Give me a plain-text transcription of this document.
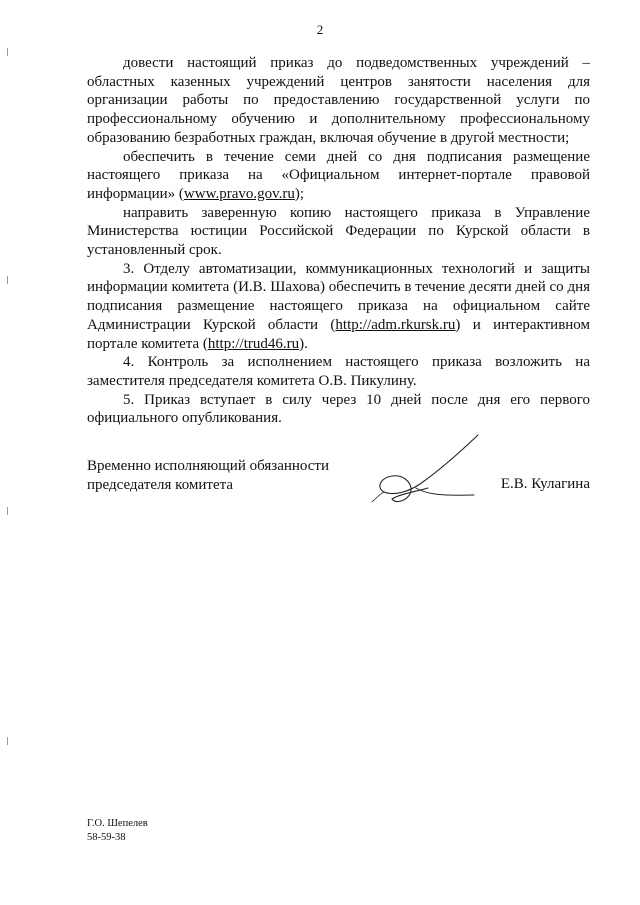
2

довести настоящий приказ до подведомственных учреждений – областных казенных учреждений центров занятости населения для организации работы по предоставлению государственной услуги по профессиональному обучению и дополнительному профессиональному образованию безработных граждан, включая обучение в другой местности;

обеспечить в течение семи дней со дня подписания размещение настоящего приказа на «Официальном интернет-портале правовой информации» (www.pravo.gov.ru);

направить заверенную копию настоящего приказа в Управление Министерства юстиции Российской Федерации по Курской области в установленный срок.

3. Отделу автоматизации, коммуникационных технологий и защиты информации комитета (И.В. Шахова) обеспечить в течение десяти дней со дня подписания размещение настоящего приказа на официальном сайте Администрации Курской области (http://adm.rkursk.ru) и интерактивном портале комитета (http://trud46.ru).

4. Контроль за исполнением настоящего приказа возложить на заместителя председателя комитета О.В. Пикулину.

5. Приказ вступает в силу через 10 дней после дня его первого официального опубликования.

Временно исполняющий обязанности
председателя комитета	Е.В. Кулагина
Г.О. Шепелев
58-59-38
